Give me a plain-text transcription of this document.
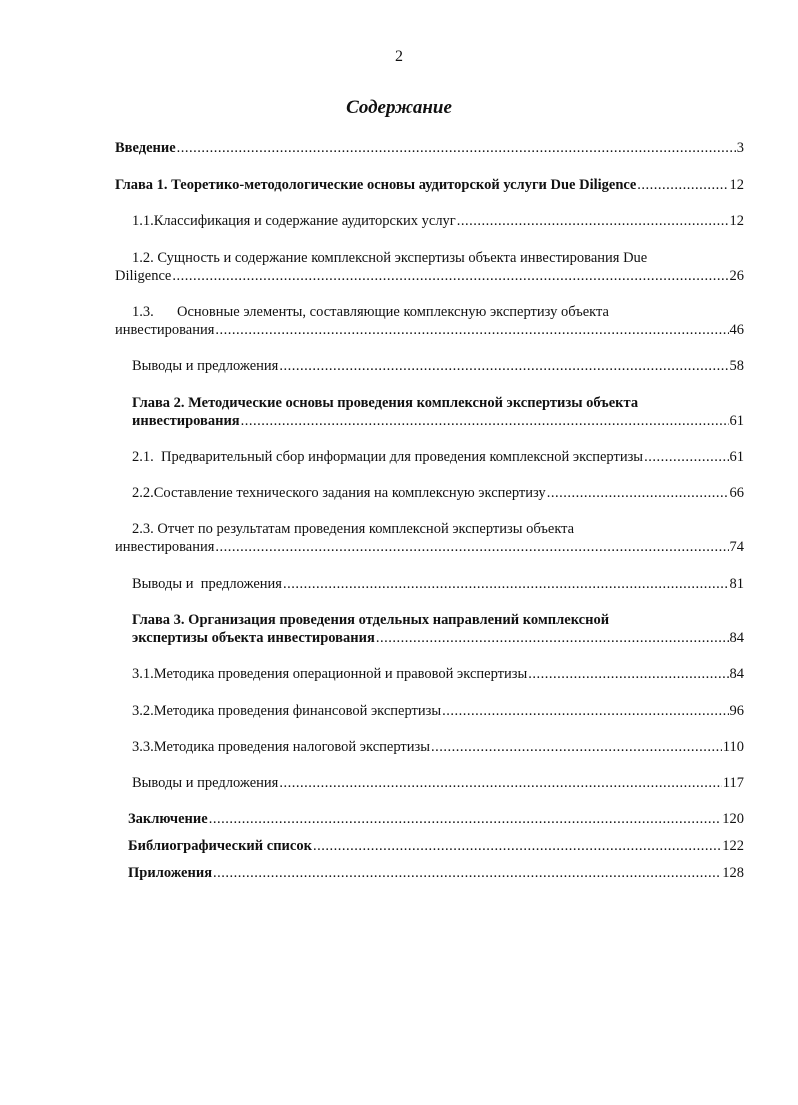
2
Содержание
Введение .....	3
Глава 1. Теоретико-методологические основы аудиторской услуги Due Diligence .....	12
1.1. Классификация и содержание аудиторских услуг .....	12
1.2. Сущность и содержание комплексной экспертизы объекта инвестирования Due
Diligence .....	26
1.3. Основные элементы, составляющие комплексную экспертизу объекта
инвестирования .....	46
Выводы и предложения .....	58
Глава 2. Методические основы проведения комплексной экспертизы объекта
инвестирования .....	61
2.1.  Предварительный сбор информации для проведения комплексной экспертизы .....	61
2.2. Составление технического задания на комплексную экспертизу .....	66
2.3. Отчет по результатам проведения комплексной экспертизы объекта
инвестирования .....	74
Выводы и  предложения .....	81
Глава 3. Организация проведения отдельных направлений комплексной
экспертизы объекта инвестирования .....	84
3.1. Методика проведения операционной и правовой экспертизы .....	84
3.2. Методика проведения финансовой экспертизы .....	96
3.3. Методика проведения налоговой экспертизы .....	110
Выводы и предложения .....	117
Заключение .....	120
Библиографический список .....	122
Приложения .....	128
